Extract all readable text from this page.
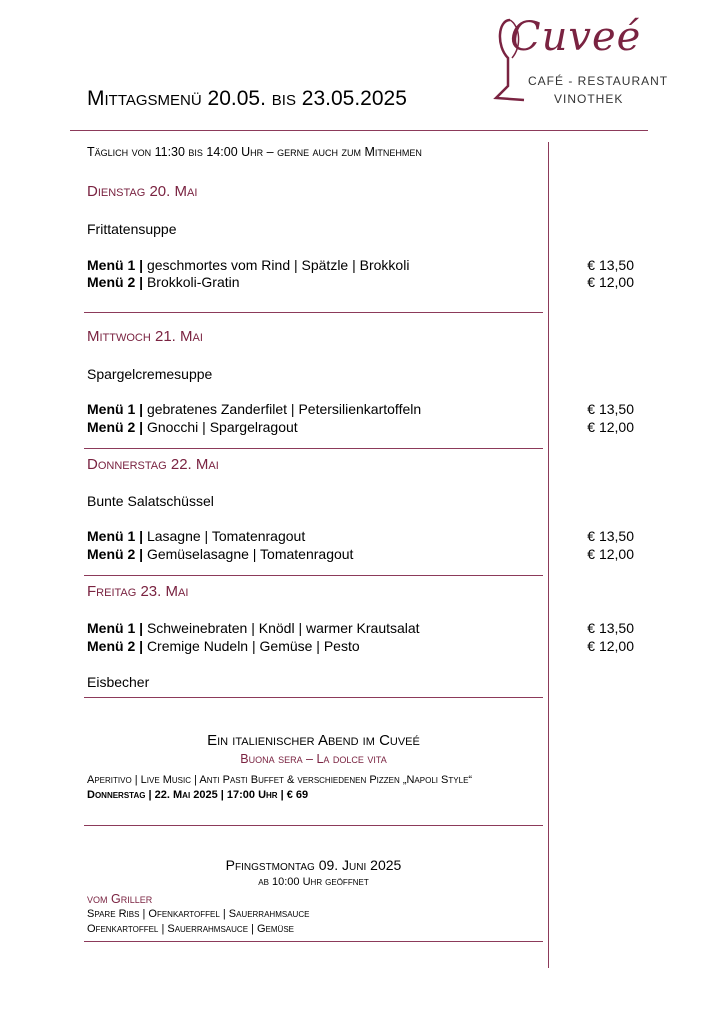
Cuveé
CAFÉ - RESTAURANT
VINOTHEK
Mittagsmenü 20.05. bis 23.05.2025
Täglich von 11:30 bis 14:00 Uhr – gerne auch zum Mitnehmen
Dienstag 20. Mai
Frittatensuppe
Menü 1 | geschmortes vom Rind | Spätzle | Brokkoli	€ 13,50
Menü 2 | Brokkoli-Gratin	€ 12,00
Mittwoch 21. Mai
Spargelcremesuppe
Menü 1 | gebratenes Zanderfilet | Petersilienkartoffeln	€ 13,50
Menü 2 | Gnocchi | Spargelragout	€ 12,00
Donnerstag 22. Mai
Bunte Salatschüssel
Menü 1 | Lasagne | Tomatenragout	€ 13,50
Menü 2 | Gemüselasagne | Tomatenragout	€ 12,00
Freitag 23. Mai
Menü 1 | Schweinebraten | Knödl | warmer Krautsalat	€ 13,50
Menü 2 | Cremige Nudeln | Gemüse | Pesto	€ 12,00
Eisbecher
Ein italienischer Abend im Cuveé
Buona sera – La dolce vita
Aperitivo | Live Music | Anti Pasti Buffet & verschiedenen Pizzen „Napoli Style“
Donnerstag | 22. Mai 2025 | 17:00 Uhr | € 69
Pfingstmontag 09. Juni 2025
ab 10:00 Uhr geöffnet
vom Griller
Spare Ribs | Ofenkartoffel | Sauerrahmsauce
Ofenkartoffel | Sauerrahmsauce | Gemüse
